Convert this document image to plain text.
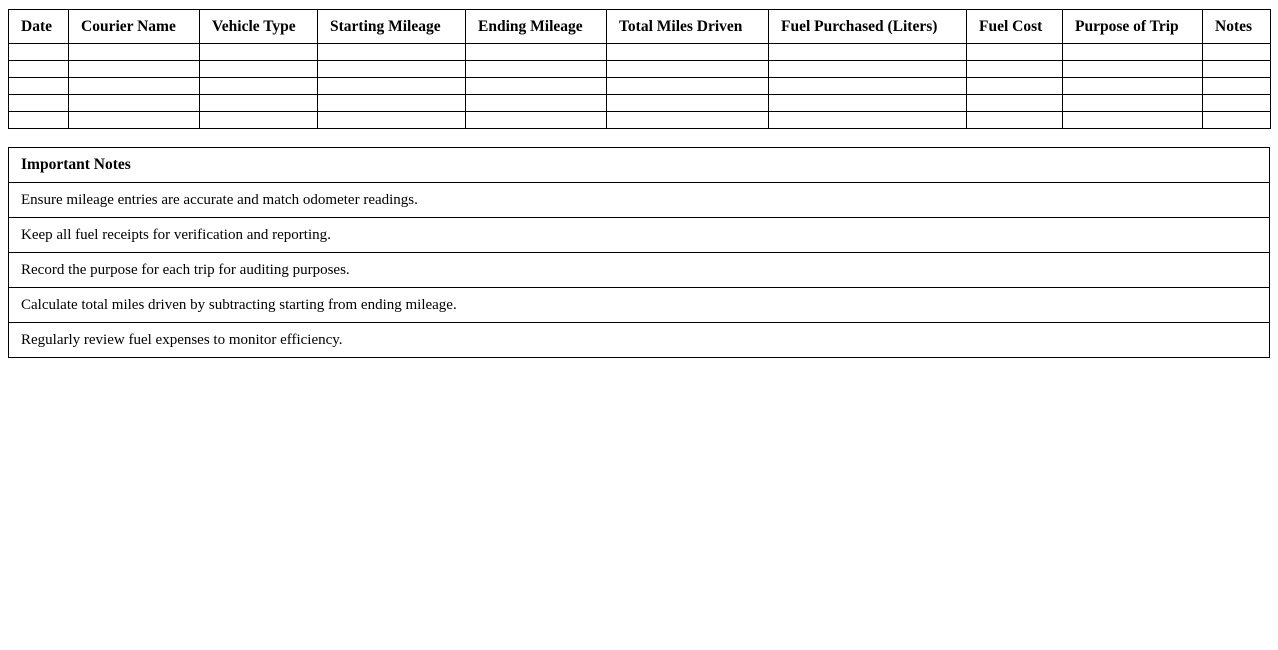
Date	Courier Name	Vehicle Type	Starting Mileage	Ending Mileage	Total Miles Driven	Fuel Purchased (Liters)	Fuel Cost	Purpose of Trip	Notes

Important Notes
Ensure mileage entries are accurate and match odometer readings.
Keep all fuel receipts for verification and reporting.
Record the purpose for each trip for auditing purposes.
Calculate total miles driven by subtracting starting from ending mileage.
Regularly review fuel expenses to monitor efficiency.
